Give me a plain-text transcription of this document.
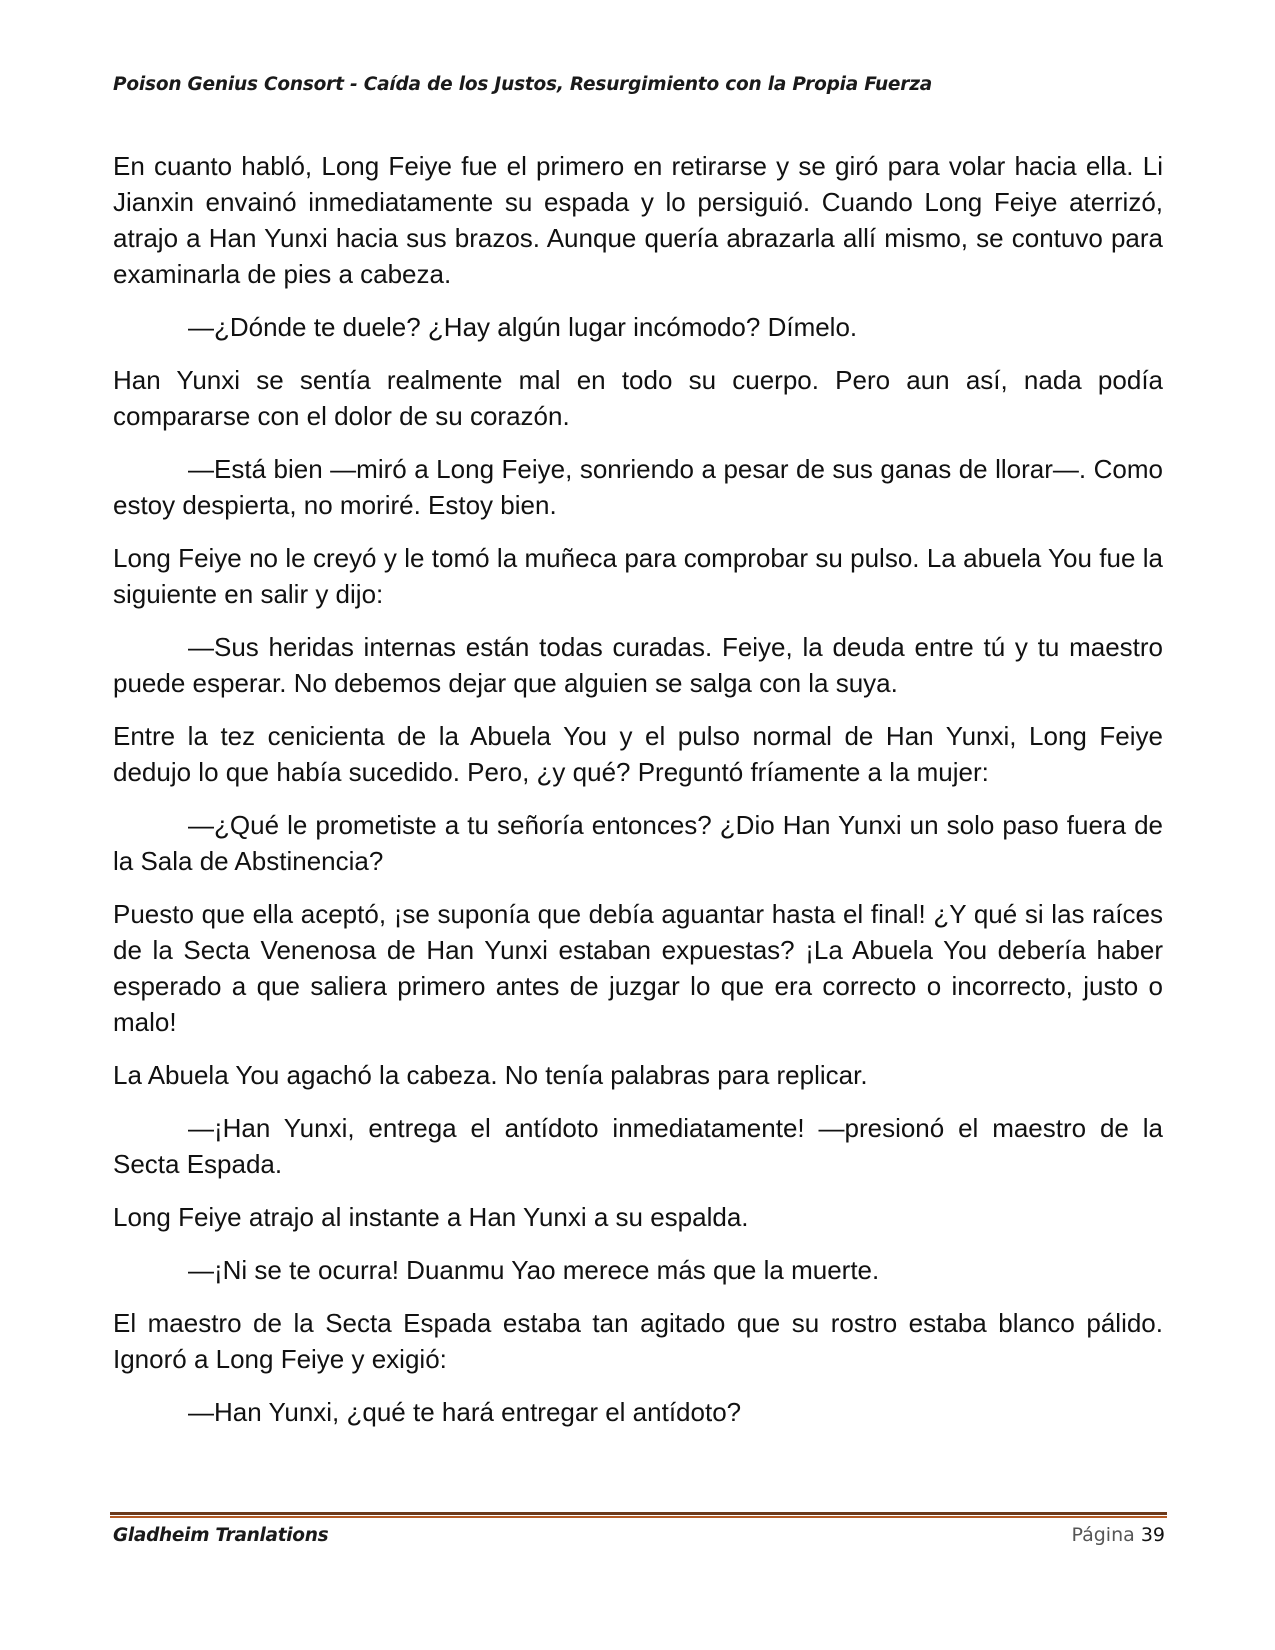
Poison Genius Consort - Caída de los Justos, Resurgimiento con la Propia Fuerza

En cuanto habló, Long Feiye fue el primero en retirarse y se giró para volar hacia ella. Li Jianxin envainó inmediatamente su espada y lo persiguió. Cuando Long Feiye aterrizó, atrajo a Han Yunxi hacia sus brazos. Aunque quería abrazarla allí mismo, se contuvo para examinarla de pies a cabeza.

—¿Dónde te duele? ¿Hay algún lugar incómodo? Dímelo.

Han Yunxi se sentía realmente mal en todo su cuerpo. Pero aun así, nada podía compararse con el dolor de su corazón.

—Está bien —miró a Long Feiye, sonriendo a pesar de sus ganas de llorar—. Como estoy despierta, no moriré. Estoy bien.

Long Feiye no le creyó y le tomó la muñeca para comprobar su pulso. La abuela You fue la siguiente en salir y dijo:

—Sus heridas internas están todas curadas. Feiye, la deuda entre tú y tu maestro puede esperar. No debemos dejar que alguien se salga con la suya.

Entre la tez cenicienta de la Abuela You y el pulso normal de Han Yunxi, Long Feiye dedujo lo que había sucedido. Pero, ¿y qué? Preguntó fríamente a la mujer:

—¿Qué le prometiste a tu señoría entonces? ¿Dio Han Yunxi un solo paso fuera de la Sala de Abstinencia?

Puesto que ella aceptó, ¡se suponía que debía aguantar hasta el final! ¿Y qué si las raíces de la Secta Venenosa de Han Yunxi estaban expuestas? ¡La Abuela You debería haber esperado a que saliera primero antes de juzgar lo que era correcto o incorrecto, justo o malo!

La Abuela You agachó la cabeza. No tenía palabras para replicar.

—¡Han Yunxi, entrega el antídoto inmediatamente! —presionó el maestro de la Secta Espada.

Long Feiye atrajo al instante a Han Yunxi a su espalda.

—¡Ni se te ocurra! Duanmu Yao merece más que la muerte.

El maestro de la Secta Espada estaba tan agitado que su rostro estaba blanco pálido. Ignoró a Long Feiye y exigió:

—Han Yunxi, ¿qué te hará entregar el antídoto?

Gladheim Tranlations	Página 39
